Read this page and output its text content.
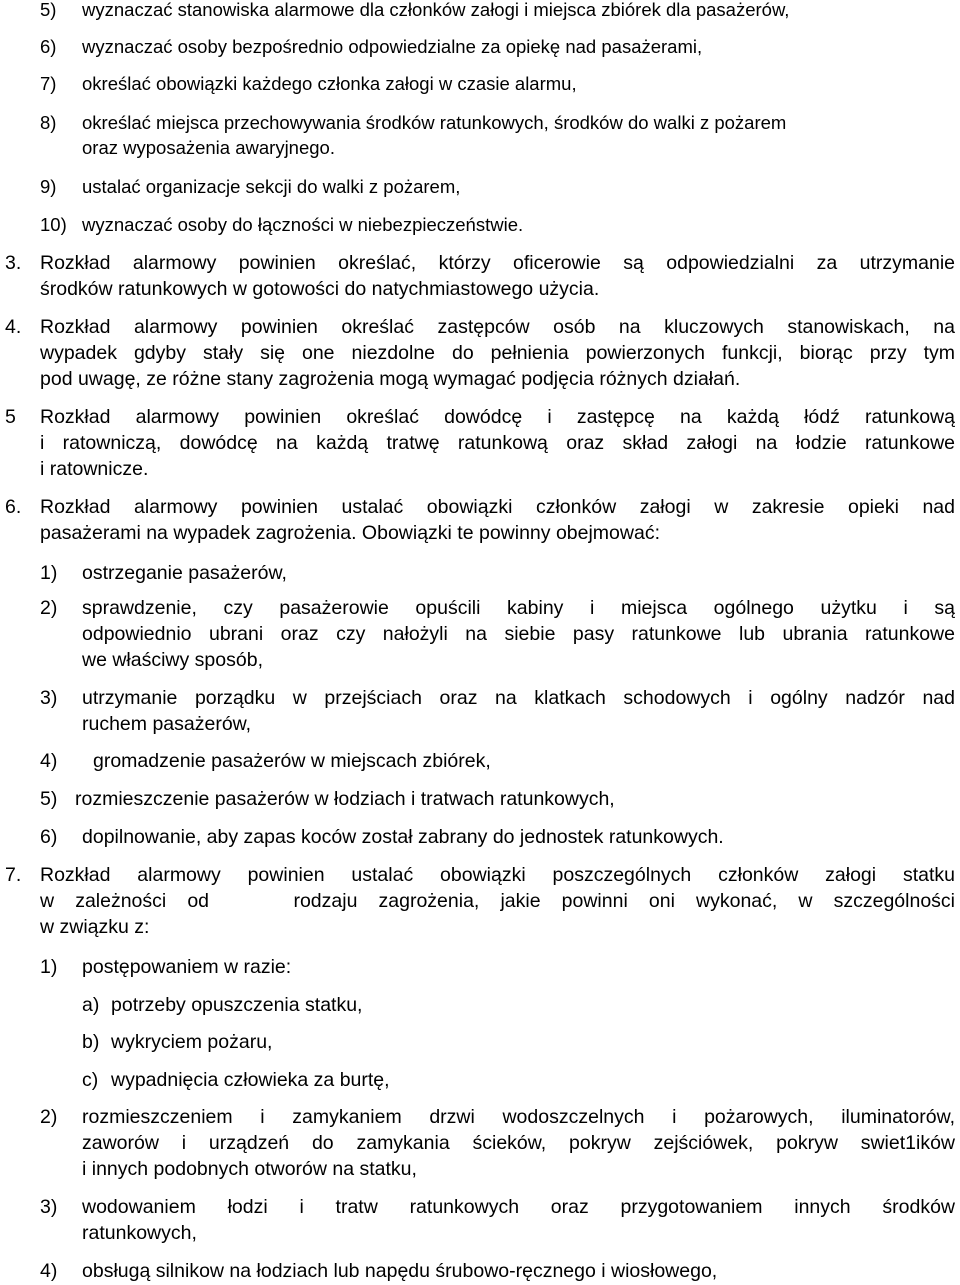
5) wyznaczać stanowiska alarmowe dla członków załogi i miejsca zbiórek dla pasażerów,
6) wyznaczać osoby bezpośrednio odpowiedzialne za opiekę nad pasażerami,
7) określać obowiązki każdego członka załogi w czasie alarmu,
8) określać miejsca przechowywania środków ratunkowych, środków do walki z pożarem
oraz wyposażenia awaryjnego.
9) ustalać organizacje sekcji do walki z pożarem,
10) wyznaczać osoby do łączności w niebezpieczeństwie.
3. Rozkład alarmowy powinien określać, którzy oficerowie są odpowiedzialni za utrzymanie
środków ratunkowych w gotowości do natychmiastowego użycia.
4. Rozkład alarmowy powinien określać zastępców osób na kluczowych stanowiskach, na
wypadek gdyby stały się one niezdolne do pełnienia powierzonych funkcji, biorąc przy tym
pod uwagę, ze różne stany zagrożenia mogą wymagać podjęcia różnych działań.
5 Rozkład alarmowy powinien określać dowódcę i zastępcę na każdą łódź ratunkową
i ratowniczą, dowódcę na każdą tratwę ratunkową oraz skład załogi na łodzie ratunkowe
i ratownicze.
6. Rozkład alarmowy powinien ustalać obowiązki członków załogi w zakresie opieki nad
pasażerami na wypadek zagrożenia. Obowiązki te powinny obejmować:
1) ostrzeganie pasażerów,
2) sprawdzenie, czy pasażerowie opuścili kabiny i miejsca ogólnego użytku i są
odpowiednio ubrani oraz czy nałożyli na siebie pasy ratunkowe lub ubrania ratunkowe
we właściwy sposób,
3) utrzymanie porządku w przejściach oraz na klatkach schodowych i ogólny nadzór nad
ruchem pasażerów,
4) gromadzenie pasażerów w miejscach zbiórek,
5) rozmieszczenie pasażerów w łodziach i tratwach ratunkowych,
6) dopilnowanie, aby zapas koców został zabrany do jednostek ratunkowych.
7. Rozkład alarmowy powinien ustalać obowiązki poszczególnych członków załogi statku
w zależności od    rodzaju zagrożenia, jakie powinni oni wykonać, w szczególności
w związku z:
1) postępowaniem w razie:
a) potrzeby opuszczenia statku,
b) wykryciem pożaru,
c) wypadnięcia człowieka za burtę,
2) rozmieszczeniem i zamykaniem drzwi wodoszczelnych i pożarowych, iluminatorów,
zaworów i urządzeń do zamykania ścieków, pokryw zejściówek, pokryw swiet1ików
i innych podobnych otworów na statku,
3) wodowaniem łodzi i tratw ratunkowych oraz przygotowaniem innych środków
ratunkowych,
4) obsługą silnikow na łodziach lub napędu śrubowo-ręcznego i wiosłowego,
